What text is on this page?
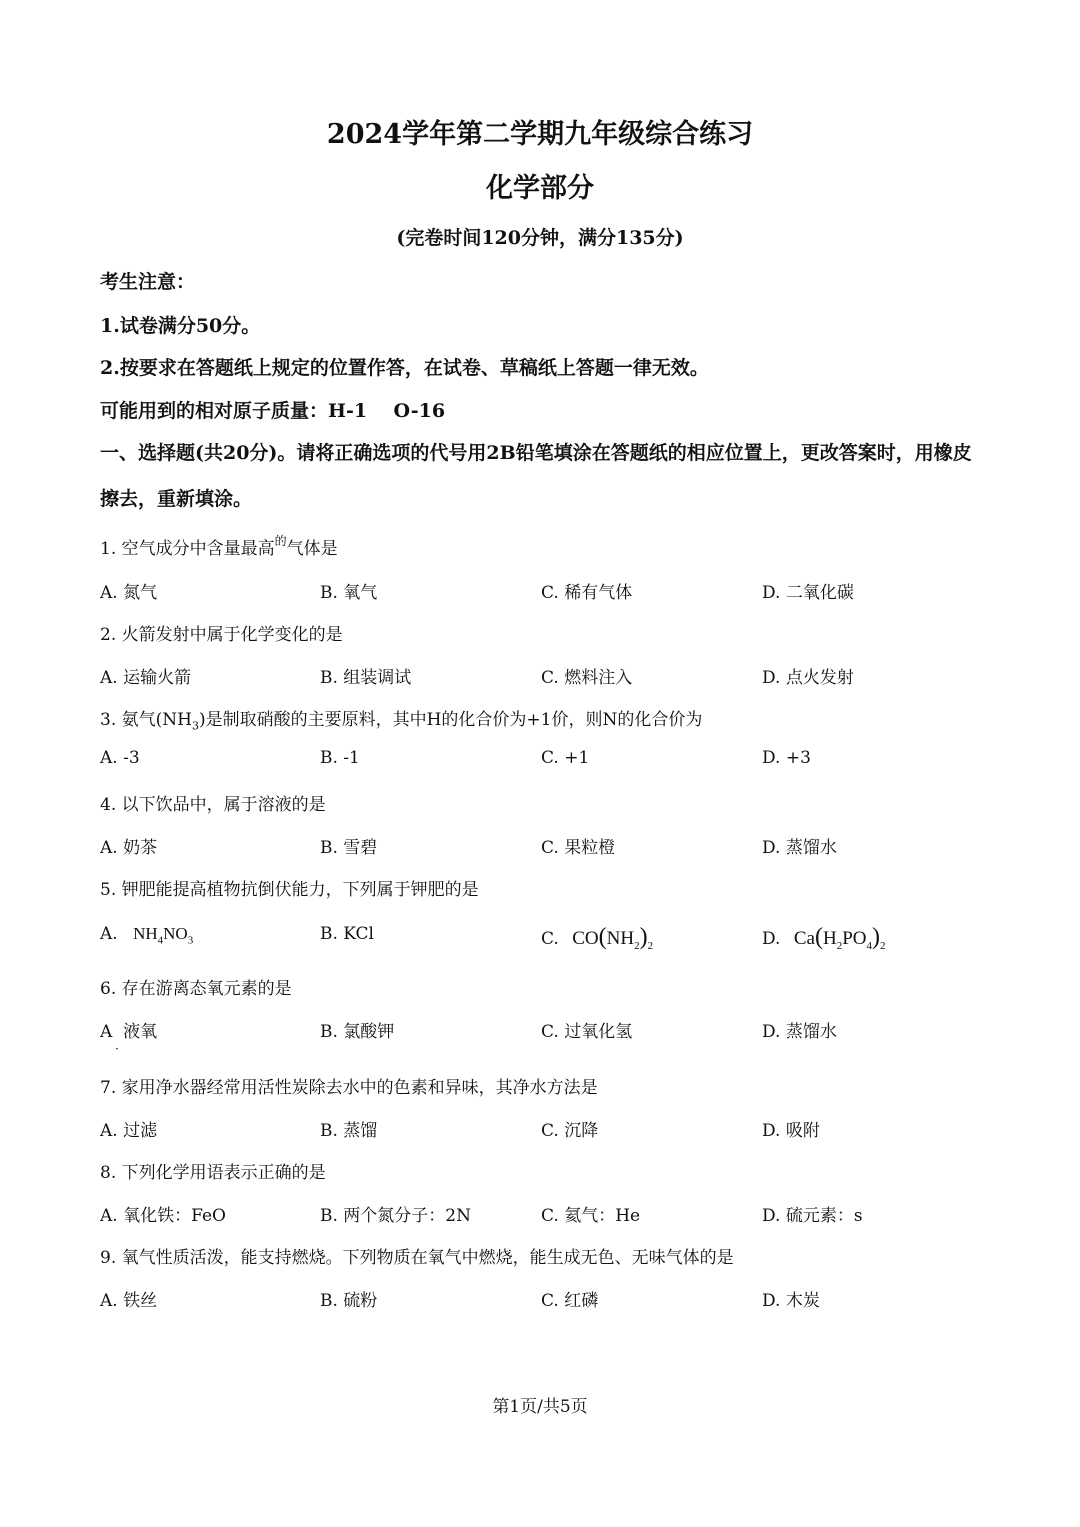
2024学年第二学期九年级综合练习
化学部分
(完卷时间120分钟，满分135分)
考生注意：
1.试卷满分50分。
2.按要求在答题纸上规定的位置作答，在试卷、草稿纸上答题一律无效。
可能用到的相对原子质量：H-1    O-16
一、选择题(共20分)。请将正确选项的代号用2B铅笔填涂在答题纸的相应位置上，更改答案时，用橡皮擦去，重新填涂。
1. 空气成分中含量最高$^的$气体是
A. 氮气	B. 氧气	C. 稀有气体	D. 二氧化碳
2. 火箭发射中属于化学变化的是
A. 运输火箭	B. 组装调试	C. 燃料注入	D. 点火发射
3. 氨气$(NH_3)$是制取硝酸的主要原料，其中H的化合价为+1价，则N的化合价为
A. -3	B. -1	C. +1	D. +3
4. 以下饮品中，属于溶液的是
A. 奶茶	B. 雪碧	C. 果粒橙	D. 蒸馏水
5. 钾肥能提高植物抗倒伏能力，下列属于钾肥的是
A. $NH_4NO_3$	B. KCl	C. $CO(NH_2)_2$	D. $Ca(H_2PO_4)_2$
6. 存在游离态氧元素的是
A  液氧	B. 氯酸钾	C. 过氧化氢	D. 蒸馏水
·
7. 家用净水器经常用活性炭除去水中的色素和异味，其净水方法是
A. 过滤	B. 蒸馏	C. 沉降	D. 吸附
8. 下列化学用语表示正确的是
A. 氧化铁：FeO	B. 两个氮分子：2N	C. 氦气：He	D. 硫元素：s
9. 氧气性质活泼，能支持燃烧。下列物质在氧气中燃烧，能生成无色、无味气体的是
A. 铁丝	B. 硫粉	C. 红磷	D. 木炭
第1页/共5页
